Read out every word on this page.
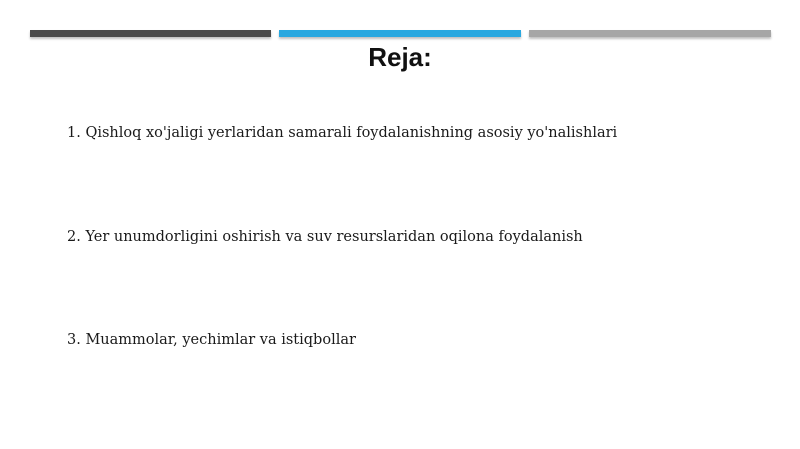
Reja:
1. Qishloq xo'jaligi yerlaridan samarali foydalanishning asosiy yo'nalishlari
2. Yer unumdorligini oshirish va suv resurslaridan oqilona foydalanish
3. Muammolar, yechimlar va istiqbollar
